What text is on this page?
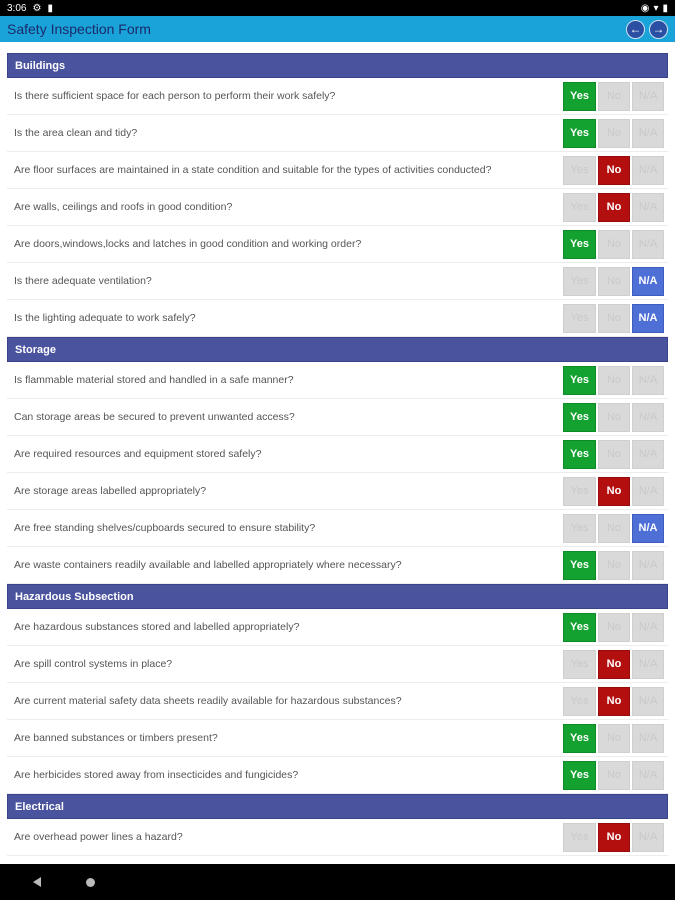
3:06 ⚙ ▮	◉ ▾ ▮
Safety Inspection Form	← →
Buildings
Is there sufficient space for each person to perform their work safely?	Yes	No	N/A
Is the area clean and tidy?	Yes	No	N/A
Are floor surfaces are maintained in a state condition and suitable for the types of activities conducted?	Yes	No	N/A
Are walls, ceilings and roofs in good condition?	Yes	No	N/A
Are doors,windows,locks and latches in good condition and working order?	Yes	No	N/A
Is there adequate ventilation?	Yes	No	N/A
Is the lighting adequate to work safely?	Yes	No	N/A
Storage
Is flammable material stored and handled in a safe manner?	Yes	No	N/A
Can storage areas be secured to prevent unwanted access?	Yes	No	N/A
Are required resources and equipment stored safely?	Yes	No	N/A
Are storage areas labelled appropriately?	Yes	No	N/A
Are free standing shelves/cupboards secured to ensure stability?	Yes	No	N/A
Are waste containers readily available and labelled appropriately where necessary?	Yes	No	N/A
Hazardous Subsection
Are hazardous substances stored and labelled appropriately?	Yes	No	N/A
Are spill control systems in place?	Yes	No	N/A
Are current material safety data sheets readily available for hazardous substances?	Yes	No	N/A
Are banned substances or timbers present?	Yes	No	N/A
Are herbicides stored away from insecticides and fungicides?	Yes	No	N/A
Electrical
Are overhead power lines a hazard?	Yes	No	N/A
